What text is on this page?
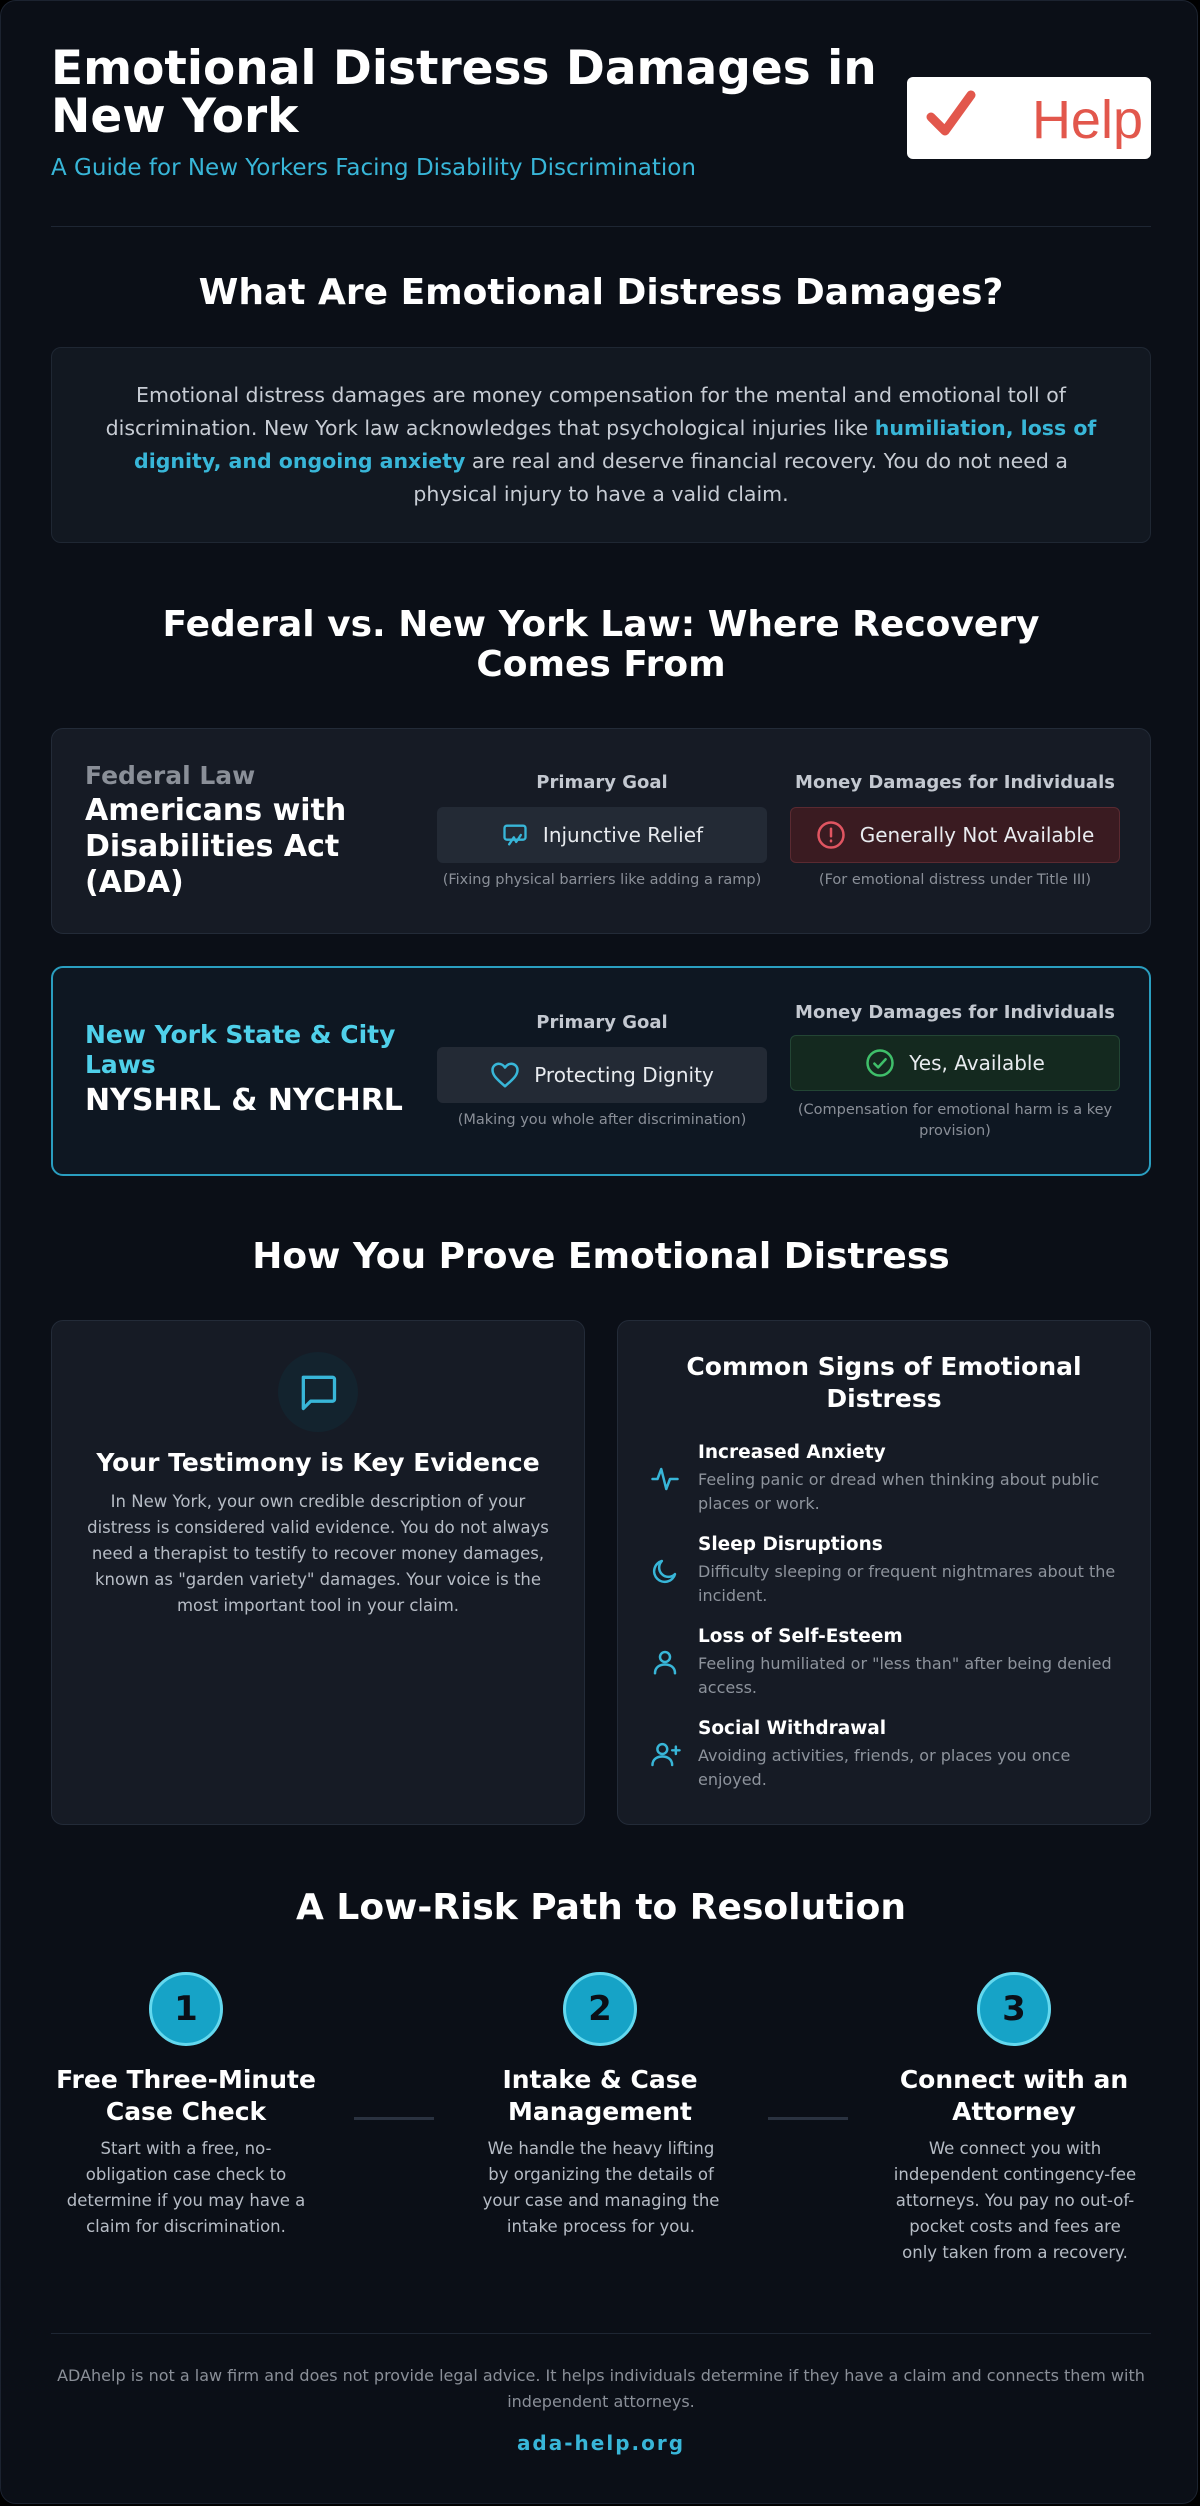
Emotional Distress Damages in New York
A Guide for New Yorkers Facing Disability Discrimination
Help
What Are Emotional Distress Damages?
Emotional distress damages are money compensation for the mental and emotional toll of discrimination. New York law acknowledges that psychological injuries like humiliation, loss of dignity, and ongoing anxiety are real and deserve financial recovery. You do not need a physical injury to have a valid claim.
Federal vs. New York Law: Where Recovery Comes From
Federal Law
Americans with Disabilities Act (ADA)
Primary Goal
Injunctive Relief
(Fixing physical barriers like adding a ramp)
Money Damages for Individuals
Generally Not Available
(For emotional distress under Title III)
New York State & City Laws
NYSHRL & NYCHRL
Primary Goal
Protecting Dignity
(Making you whole after discrimination)
Money Damages for Individuals
Yes, Available
(Compensation for emotional harm is a key provision)
How You Prove Emotional Distress
Your Testimony is Key Evidence
In New York, your own credible description of your distress is considered valid evidence. You do not always need a therapist to testify to recover money damages, known as "garden variety" damages. Your voice is the most important tool in your claim.
Common Signs of Emotional Distress
Increased Anxiety
Feeling panic or dread when thinking about public places or work.
Sleep Disruptions
Difficulty sleeping or frequent nightmares about the incident.
Loss of Self-Esteem
Feeling humiliated or "less than" after being denied access.
Social Withdrawal
Avoiding activities, friends, or places you once enjoyed.
A Low-Risk Path to Resolution
1
Free Three-Minute Case Check
Start with a free, no-obligation case check to determine if you may have a claim for discrimination.
2
Intake & Case Management
We handle the heavy lifting by organizing the details of your case and managing the intake process for you.
3
Connect with an Attorney
We connect you with independent contingency-fee attorneys. You pay no out-of-pocket costs and fees are only taken from a recovery.
ADAhelp is not a law firm and does not provide legal advice. It helps individuals determine if they have a claim and connects them with independent attorneys.
ada-help.org
